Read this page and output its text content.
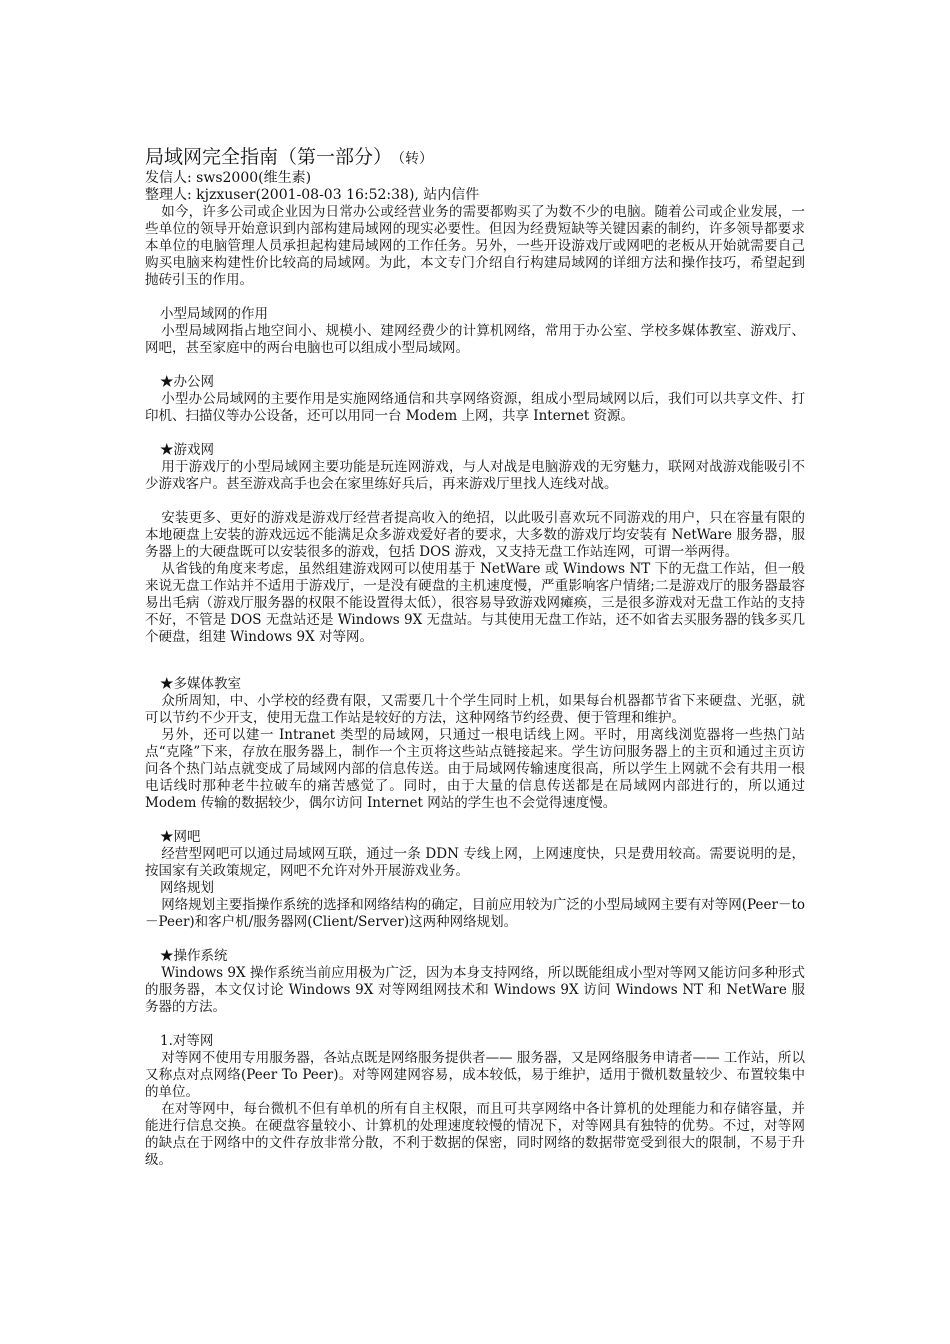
局域网完全指南（第一部分） （转）

发信人: sws2000(维生素)

整理人: kjzxuser(2001-08-03 16:52:38), 站内信件

如今，许多公司或企业因为日常办公或经营业务的需要都购买了为数不少的电脑。随着公司或企业发展，一些单位的领导开始意识到内部构建局域网的现实必要性。但因为经费短缺等关键因素的制约，许多领导都要求本单位的电脑管理人员承担起构建局域网的工作任务。另外，一些开设游戏厅或网吧的老板从开始就需要自己购买电脑来构建性价比较高的局域网。为此，本文专门介绍自行构建局域网的详细方法和操作技巧，希望起到抛砖引玉的作用。

小型局域网的作用

小型局域网指占地空间小、规模小、建网经费少的计算机网络，常用于办公室、学校多媒体教室、游戏厅、网吧，甚至家庭中的两台电脑也可以组成小型局域网。

★办公网

小型办公局域网的主要作用是实施网络通信和共享网络资源，组成小型局域网以后，我们可以共享文件、打印机、扫描仪等办公设备，还可以用同一台 Modem 上网，共享 Internet 资源。

★游戏网

用于游戏厅的小型局域网主要功能是玩连网游戏，与人对战是电脑游戏的无穷魅力，联网对战游戏能吸引不少游戏客户。甚至游戏高手也会在家里练好兵后，再来游戏厅里找人连线对战。

安装更多、更好的游戏是游戏厅经营者提高收入的绝招，以此吸引喜欢玩不同游戏的用户，只在容量有限的本地硬盘上安装的游戏远远不能满足众多游戏爱好者的要求，大多数的游戏厅均安装有 NetWare 服务器，服务器上的大硬盘既可以安装很多的游戏，包括 DOS 游戏，又支持无盘工作站连网，可谓一举两得。

从省钱的角度来考虑，虽然组建游戏网可以使用基于 NetWare 或 Windows NT 下的无盘工作站，但一般来说无盘工作站并不适用于游戏厅，一是没有硬盘的主机速度慢，严重影响客户情绪;二是游戏厅的服务器最容易出毛病（游戏厅服务器的权限不能设置得太低），很容易导致游戏网瘫痪，三是很多游戏对无盘工作站的支持不好，不管是 DOS 无盘站还是 Windows 9X 无盘站。与其使用无盘工作站，还不如省去买服务器的钱多买几个硬盘，组建 Windows 9X 对等网。

★多媒体教室

众所周知，中、小学校的经费有限，又需要几十个学生同时上机，如果每台机器都节省下来硬盘、光驱，就可以节约不少开支，使用无盘工作站是较好的方法，这种网络节约经费、便于管理和维护。

另外，还可以建一 Intranet 类型的局域网，只通过一根电话线上网。平时，用离线浏览器将一些热门站点“克隆”下来，存放在服务器上，制作一个主页将这些站点链接起来。学生访问服务器上的主页和通过主页访问各个热门站点就变成了局域网内部的信息传送。由于局域网传输速度很高，所以学生上网就不会有共用一根电话线时那种老牛拉破车的痛苦感觉了。同时，由于大量的信息传送都是在局域网内部进行的，所以通过 Modem 传输的数据较少，偶尔访问 Internet 网站的学生也不会觉得速度慢。

★网吧

经营型网吧可以通过局域网互联，通过一条 DDN 专线上网，上网速度快，只是费用较高。需要说明的是，按国家有关政策规定，网吧不允许对外开展游戏业务。

网络规划

网络规划主要指操作系统的选择和网络结构的确定，目前应用较为广泛的小型局域网主要有对等网(Peer－to－Peer)和客户机/服务器网(Client/Server)这两种网络规划。

★操作系统

Windows 9X 操作系统当前应用极为广泛，因为本身支持网络，所以既能组成小型对等网又能访问多种形式的服务器，本文仅讨论 Windows 9X 对等网组网技术和 Windows 9X 访问 Windows NT 和 NetWare 服务器的方法。

1.对等网

对等网不使用专用服务器，各站点既是网络服务提供者—— 服务器，又是网络服务申请者—— 工作站，所以又称点对点网络(Peer To Peer)。对等网建网容易，成本较低，易于维护，适用于微机数量较少、布置较集中的单位。

在对等网中，每台微机不但有单机的所有自主权限，而且可共享网络中各计算机的处理能力和存储容量，并能进行信息交换。在硬盘容量较小、计算机的处理速度较慢的情况下，对等网具有独特的优势。不过，对等网的缺点在于网络中的文件存放非常分散，不利于数据的保密，同时网络的数据带宽受到很大的限制，不易于升级。
